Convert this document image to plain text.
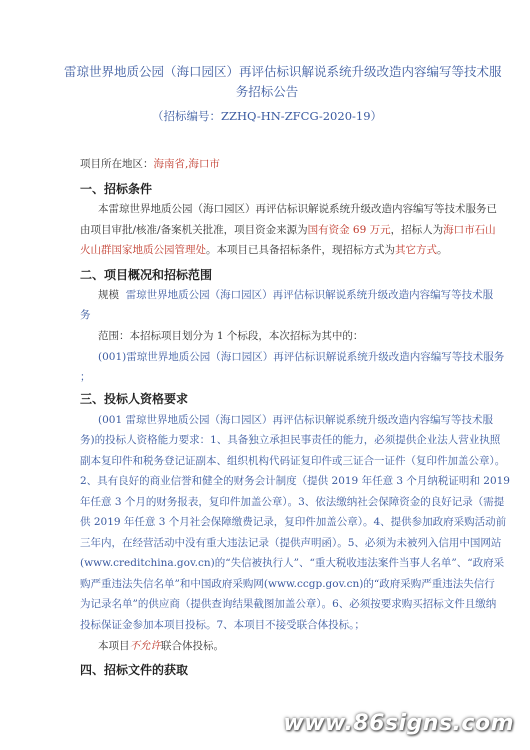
雷琼世界地质公园（海口园区）再评估标识解说系统升级改造内容编写等技术服
务招标公告
（招标编号：ZZHQ-HN-ZFCG-2020-19）
项目所在地区：海南省,海口市
一、招标条件
本雷琼世界地质公园（海口园区）再评估标识解说系统升级改造内容编写等技术服务已
由项目审批/核准/备案机关批准，项目资金来源为国有资金 69 万元，招标人为海口市石山
火山群国家地质公园管理处。本项目已具备招标条件，现招标方式为其它方式。
二、项目概况和招标范围
规模 雷琼世界地质公园（海口园区）再评估标识解说系统升级改造内容编写等技术服
务
范围：本招标项目划分为 1 个标段，本次招标为其中的：
(001)雷琼世界地质公园（海口园区）再评估标识解说系统升级改造内容编写等技术服务
；
三、投标人资格要求
(001 雷琼世界地质公园（海口园区）再评估标识解说系统升级改造内容编写等技术服
务)的投标人资格能力要求：1、具备独立承担民事责任的能力，必须提供企业法人营业执照
副本复印件和税务登记证副本、组织机构代码证复印件或三证合一证件（复印件加盖公章）。
2、具有良好的商业信誉和健全的财务会计制度（提供 2019 年任意 3 个月纳税证明和 2019
年任意 3 个月的财务报表，复印件加盖公章）。3、依法缴纳社会保障资金的良好记录（需提
供 2019 年任意 3 个月社会保障缴费记录，复印件加盖公章）。4、提供参加政府采购活动前
三年内，在经营活动中没有重大违法记录（提供声明函）。5、必须为未被列入信用中国网站
(www.creditchina.gov.cn)的“失信被执行人”、“重大税收违法案件当事人名单”、“政府采
购严重违法失信名单”和中国政府采购网(www.ccgp.gov.cn)的“政府采购严重违法失信行
为记录名单”的供应商（提供查询结果截图加盖公章）。6、必须按要求购买招标文件且缴纳
投标保证金参加本项目投标。7、本项目不接受联合体投标。；
本项目不允许联合体投标。
四、招标文件的获取
www.86signs.com
